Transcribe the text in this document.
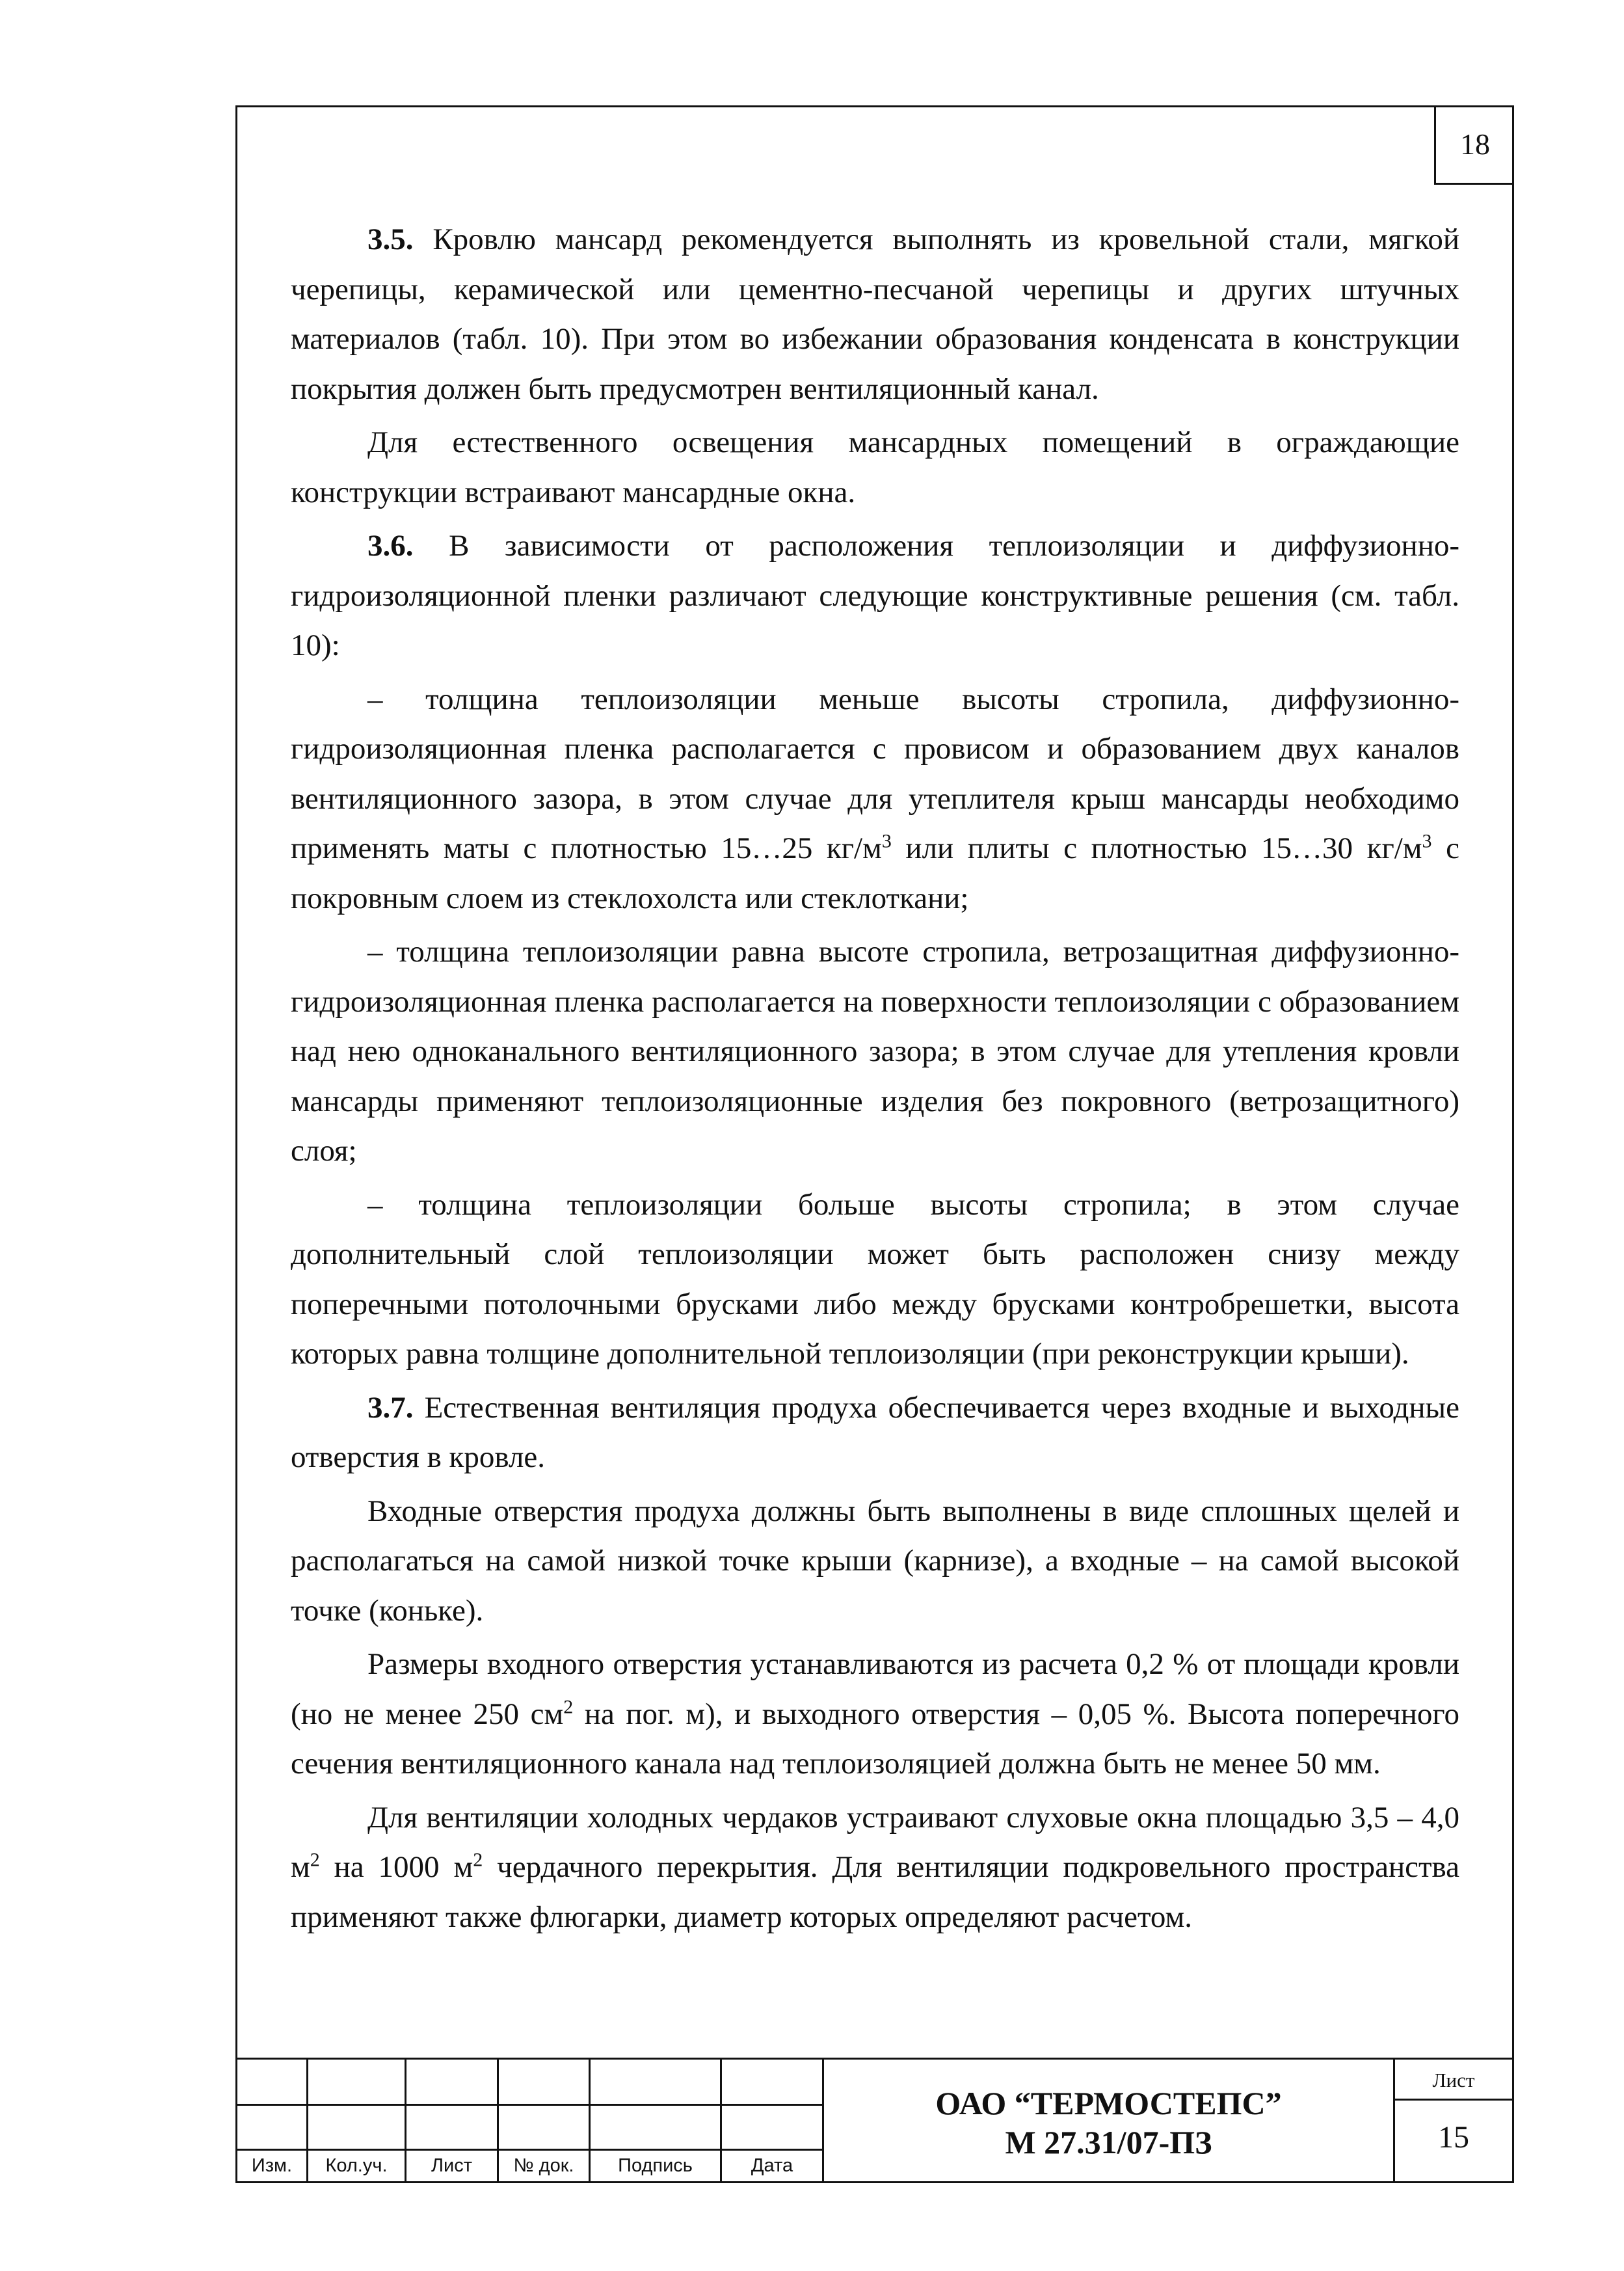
18

3.5. Кровлю мансард рекомендуется выполнять из кровельной стали, мягкой черепицы, керамической или цементно-песчаной черепицы и других штучных материалов (табл. 10). При этом во избежании образования конденсата в конструкции покрытия должен быть предусмотрен вентиляционный канал.

Для естественного освещения мансардных помещений в ограждающие конструкции встраивают мансардные окна.

3.6. В зависимости от расположения теплоизоляции и диффузионно- гидроизоляционной пленки различают следующие конструктивные решения (см. табл. 10):

– толщина теплоизоляции меньше высоты стропила, диффузионно-гидроизоляционная пленка располагается с провисом и образованием двух каналов вентиляционного зазора, в этом случае для утеплителя крыш мансарды необходимо применять маты с плотностью 15…25 $кг/м^3$ или плиты с плотностью 15…30 $кг/м^3$ с покровным слоем из стеклохолста или стеклоткани;

– толщина теплоизоляции равна высоте стропила, ветрозащитная диффузионно-гидроизоляционная пленка располагается на поверхности теплоизоляции с образованием над нею одноканального вентиляционного зазора; в этом случае для утепления кровли мансарды применяют теплоизоляционные изделия без покровного (ветрозащитного) слоя;

– толщина теплоизоляции больше высоты стропила; в этом случае дополнительный слой теплоизоляции может быть расположен снизу между поперечными потолочными брусками либо между брусками контробрешетки, высота которых равна толщине дополнительной теплоизоляции (при реконструкции крыши).

3.7. Естественная вентиляция продуха обеспечивается через входные и выходные отверстия в кровле.

Входные отверстия продуха должны быть выполнены в виде сплошных щелей и располагаться на самой низкой точке крыши (карнизе), а входные – на самой высокой точке (коньке).

Размеры входного отверстия устанавливаются из расчета 0,2 % от площади кровли (но не менее 250 $см^2$ на пог. м), и выходного отверстия – 0,05 %. Высота поперечного сечения вентиляционного канала над теплоизоляцией должна быть не менее 50 мм.

Для вентиляции холодных чердаков устраивают слуховые окна площадью 3,5 – 4,0 $м^2$ на 1000 $м^2$ чердачного перекрытия. Для вентиляции подкровельного пространства применяют также флюгарки, диаметр которых определяют расчетом.

Изм.	Кол.уч.	Лист	№ док.	Подпись	Дата
ОАО “ТЕРМОСТЕПС”
М 27.31/07-ПЗ
Лист
15
